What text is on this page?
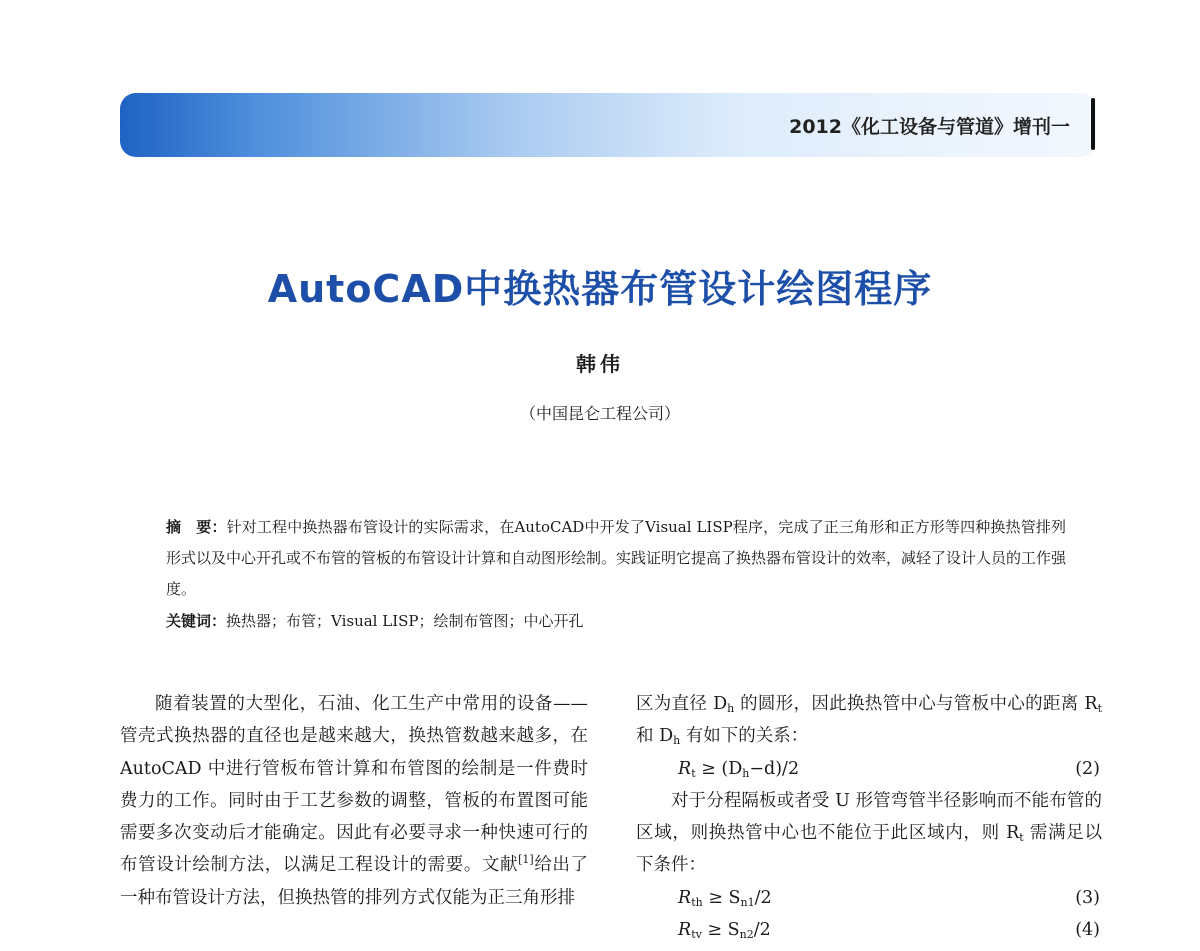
2012《化工设备与管道》增刊一
AutoCAD中换热器布管设计绘图程序
韩伟
（中国昆仑工程公司）
摘　要：针对工程中换热器布管设计的实际需求，在AutoCAD中开发了Visual LISP程序，完成了正三角形和正方形等四种换热管排列形式以及中心开孔或不布管的管板的布管设计计算和自动图形绘制。实践证明它提高了换热器布管设计的效率，减轻了设计人员的工作强度。
关键词：换热器；布管；Visual LISP；绘制布管图；中心开孔

随着装置的大型化，石油、化工生产中常用的设备——管壳式换热器的直径也是越来越大，换热管数越来越多，在 AutoCAD 中进行管板布管计算和布管图的绘制是一件费时费力的工作。同时由于工艺参数的调整，管板的布置图可能需要多次变动后才能确定。因此有必要寻求一种快速可行的布管设计绘制方法，以满足工程设计的需要。文献[1]给出了一种布管设计方法，但换热管的排列方式仅能为正三角形排

区为直径 $D_h$ 的圆形，因此换热管中心与管板中心的距离 $R_t$ 和 $D_h$ 有如下的关系：

$R_t \ge (D_h-d)/2$	(2)

对于分程隔板或者受 U 形管弯管半径影响而不能布管的区域，则换热管中心也不能位于此区域内，则 $R_t$ 需满足以下条件：

$R_{th} \ge S_{n1}/2$	(3)
$R_{tv} \ge S_{n2}/2$	(4)
